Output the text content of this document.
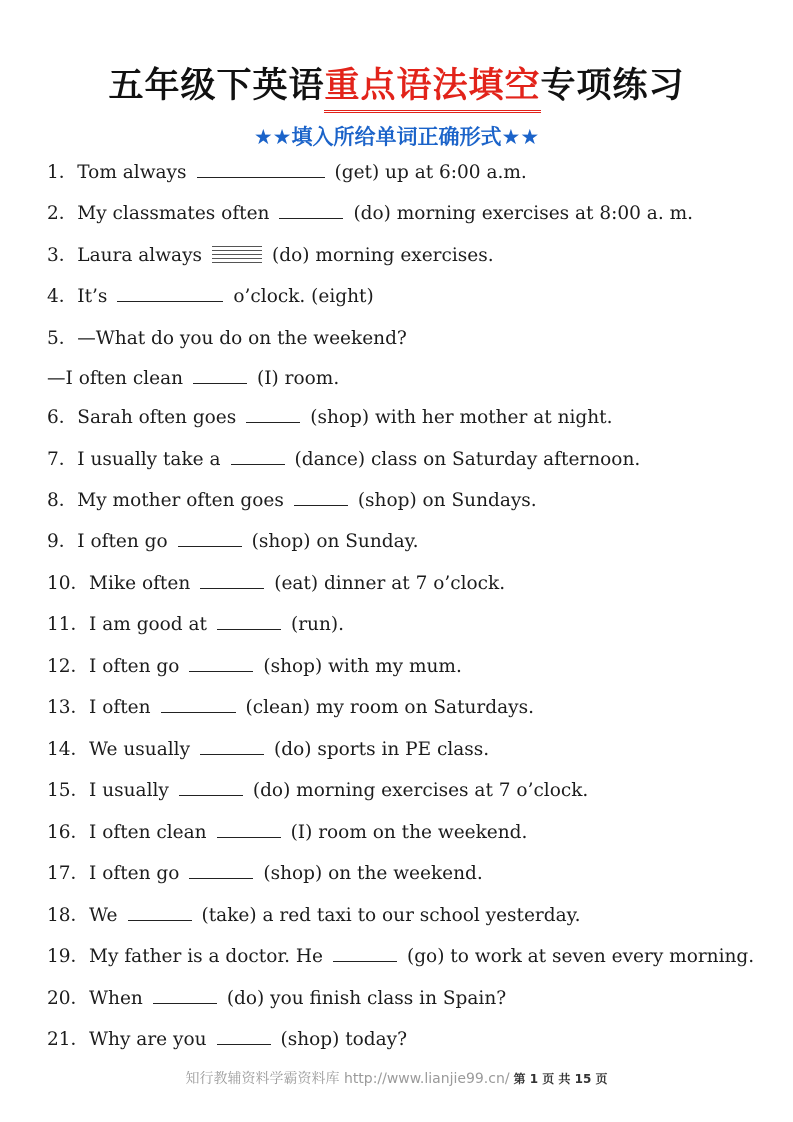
五年级下英语重点语法填空专项练习
★★填入所给单词正确形式★★
1．Tom always	(get) up at 6:00 a.m.
2．My classmates often	(do) morning exercises at 8:00 a. m.
3．Laura always	(do) morning exercises.
4．It’s	o’clock. (eight)
5．—What do you do on the weekend?
—I often clean	(I) room.
6．Sarah often goes	(shop) with her mother at night.
7．I usually take a	(dance) class on Saturday afternoon.
8．My mother often goes	(shop) on Sundays.
9．I often go	(shop) on Sunday.
10．Mike often	(eat) dinner at 7 o’clock.
11．I am good at	(run).
12．I often go	(shop) with my mum.
13．I often	(clean) my room on Saturdays.
14．We usually	(do) sports in PE class.
15．I usually	(do) morning exercises at 7 o’clock.
16．I often clean	(I) room on the weekend.
17．I often go	(shop) on the weekend.
18．We	(take) a red taxi to our school yesterday.
19．My father is a doctor. He	(go) to work at seven every morning.
20．When	(do) you finish class in Spain?
21．Why are you	(shop) today?
知行教辅资料学霸资料库 http://www.lianjie99.cn/ 第 1 页 共 15 页
